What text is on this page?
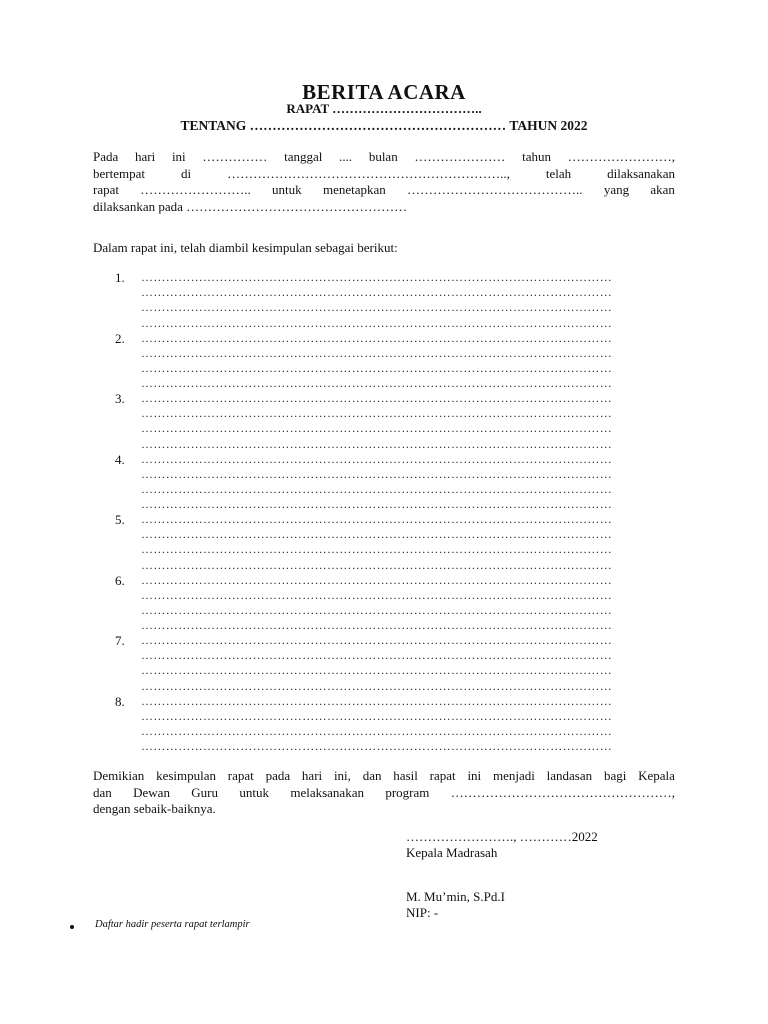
BERITA ACARA
RAPAT ……………………………..
TENTANG ………………………………………………… TAHUN 2022
Pada hari ini …………… tanggal .... bulan ………………… tahun ……………………,
bertempat	di	………………………………………………………..,	telah	dilaksanakan
rapat …………………….. untuk menetapkan ………………………………….. yang akan
dilaksankan pada ……………………………………………
Dalam rapat ini, telah diambil kesimpulan sebagai berikut:
1.	……………………………………………………………………………………………………
……………………………………………………………………………………………………
……………………………………………………………………………………………………
……………………………………………………………………………………………………
2.	……………………………………………………………………………………………………
……………………………………………………………………………………………………
……………………………………………………………………………………………………
……………………………………………………………………………………………………
3.	……………………………………………………………………………………………………
……………………………………………………………………………………………………
……………………………………………………………………………………………………
……………………………………………………………………………………………………
4.	……………………………………………………………………………………………………
……………………………………………………………………………………………………
……………………………………………………………………………………………………
……………………………………………………………………………………………………
5.	……………………………………………………………………………………………………
……………………………………………………………………………………………………
……………………………………………………………………………………………………
……………………………………………………………………………………………………
6.	……………………………………………………………………………………………………
……………………………………………………………………………………………………
……………………………………………………………………………………………………
……………………………………………………………………………………………………
7.	……………………………………………………………………………………………………
……………………………………………………………………………………………………
……………………………………………………………………………………………………
……………………………………………………………………………………………………
8.	……………………………………………………………………………………………………
……………………………………………………………………………………………………
……………………………………………………………………………………………………
……………………………………………………………………………………………………
Demikian kesimpulan rapat pada hari ini, dan hasil rapat ini menjadi landasan bagi Kepala
dan Dewan Guru untuk melaksanakan program ……………………………………………,
dengan sebaik-baiknya.
……………………., …………2022
Kepala Madrasah
M. Mu’min, S.Pd.I
NIP: -
Daftar hadir peserta rapat terlampir
